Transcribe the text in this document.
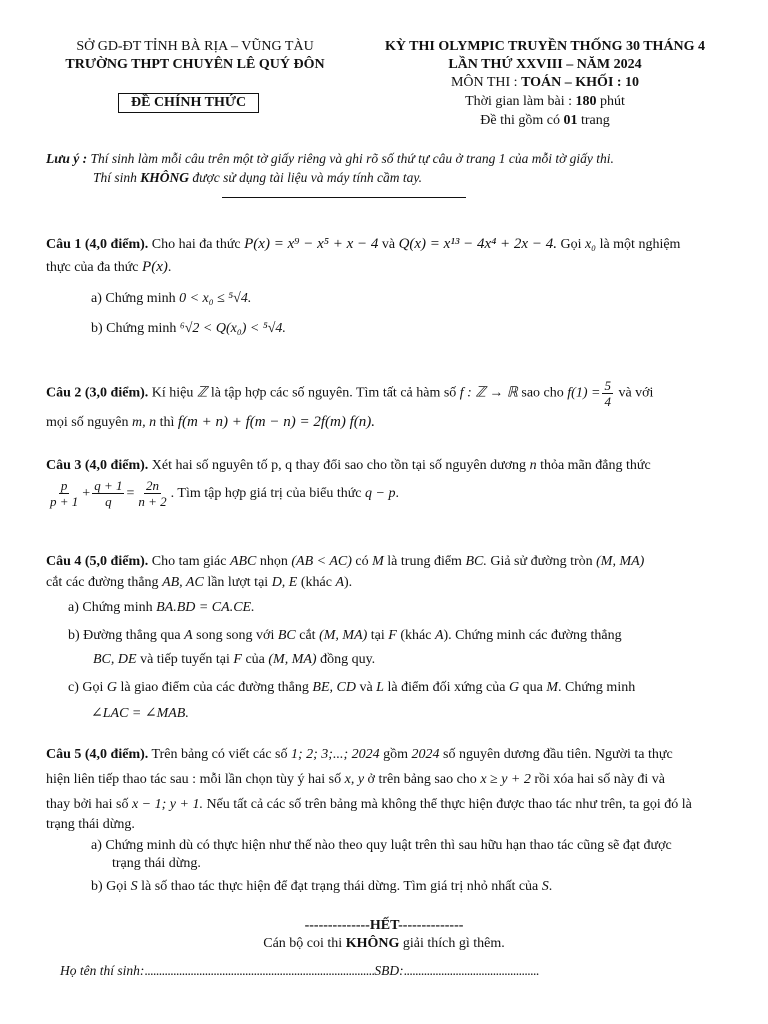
SỞ GD-ĐT TỈNH BÀ RỊA – VŨNG TÀU
TRƯỜNG THPT CHUYÊN LÊ QUÝ ĐÔN
ĐỀ CHÍNH THỨC
KỲ THI OLYMPIC TRUYỀN THỐNG 30 THÁNG 4
LẦN THỨ XXVIII – NĂM 2024
MÔN THI : TOÁN – KHỐI : 10
Thời gian làm bài : 180 phút
Đề thi gồm có 01 trang

Lưu ý : Thí sinh làm mỗi câu trên một tờ giấy riêng và ghi rõ số thứ tự câu ở trang 1 của mỗi tờ giấy thi.

Thí sinh KHÔNG được sử dụng tài liệu và máy tính cầm tay.

Câu 1 (4,0 điểm). Cho hai đa thức P(x) = x⁹ − x⁵ + x − 4 và Q(x) = x¹³ − 4x⁴ + 2x − 4. Gọi x₀ là một nghiệm

thực của đa thức P(x).

a) Chứng minh 0 < x₀ ≤ ⁵√4.

b) Chứng minh ⁶√2 < Q(x₀) < ⁵√4.

Câu 2 (3,0 điểm). Kí hiệu ℤ là tập hợp các số nguyên. Tìm tất cả hàm số f : ℤ → ℝ sao cho $f(1) = \frac{5}{4}$ và với

mọi số nguyên m, n thì f(m + n) + f(m − n) = 2f(m) f(n).

Câu 3 (4,0 điểm). Xét hai số nguyên tố p, q thay đổi sao cho tồn tại số nguyên dương n thỏa mãn đẳng thức

$\frac{p}{p + 1} + \frac{q + 1}{q} = \frac{2n}{n + 2}$ . Tìm tập hợp giá trị của biểu thức q − p.

Câu 4 (5,0 điểm). Cho tam giác ABC nhọn (AB < AC) có M là trung điểm BC. Giả sử đường tròn (M, MA)

cắt các đường thẳng AB, AC lần lượt tại D, E (khác A).

a) Chứng minh BA.BD = CA.CE.

b) Đường thẳng qua A song song với BC cắt (M, MA) tại F (khác A). Chứng minh các đường thẳng

BC, DE và tiếp tuyến tại F của (M, MA) đồng quy.

c) Gọi G là giao điểm của các đường thẳng BE, CD và L là điểm đối xứng của G qua M. Chứng minh

∠LAC = ∠MAB.

Câu 5 (4,0 điểm). Trên bảng có viết các số 1; 2; 3;...; 2024 gồm 2024 số nguyên dương đầu tiên. Người ta thực

hiện liên tiếp thao tác sau : mỗi lần chọn tùy ý hai số x, y ở trên bảng sao cho x ≥ y + 2 rồi xóa hai số này đi và

thay bởi hai số x − 1; y + 1. Nếu tất cả các số trên bảng mà không thể thực hiện được thao tác như trên, ta gọi đó là

trạng thái dừng.

a) Chứng minh dù có thực hiện như thế nào theo quy luật trên thì sau hữu hạn thao tác cũng sẽ đạt được

trạng thái dừng.

b) Gọi S là số thao tác thực hiện để đạt trạng thái dừng. Tìm giá trị nhỏ nhất của S.

--------------HẾT--------------
Cán bộ coi thi KHÔNG giải thích gì thêm.

Họ tên thí sinh:................................................................................SBD:...............................................
